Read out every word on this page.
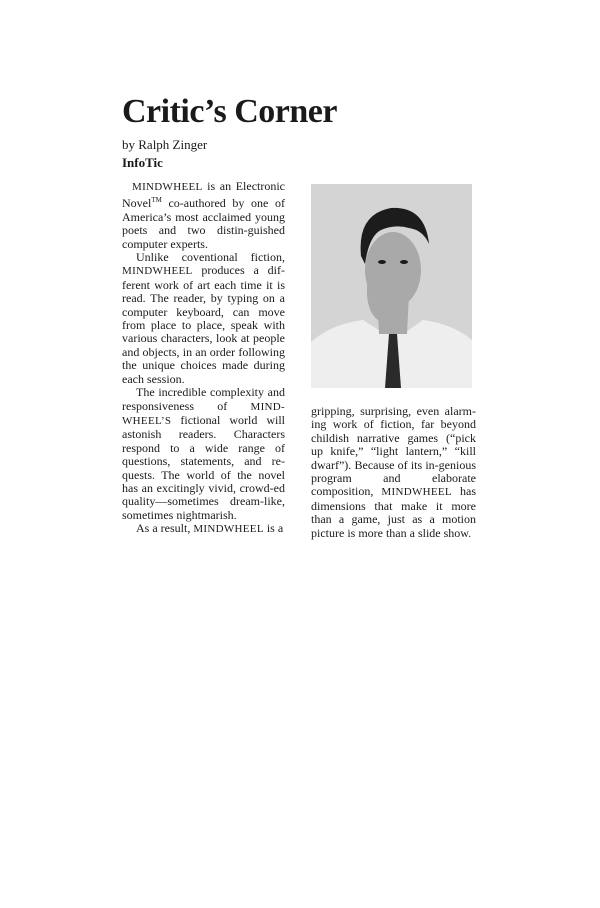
Critic’s Corner
by Ralph Zinger
InfoTic

MINDWHEEL is an Electronic Novel™ co-authored by one of America’s most acclaimed young poets and two distin-guished computer experts.

Unlike coventional fiction, MINDWHEEL produces a dif-ferent work of art each time it is read. The reader, by typing on a computer keyboard, can move from place to place, speak with various characters, look at people and objects, in an order following the unique choices made during each session.

The incredible complexity and responsiveness of MIND-WHEEL’S fictional world will astonish readers. Characters respond to a wide range of questions, statements, and re-quests. The world of the novel has an excitingly vivid, crowd-ed quality—sometimes dream-like, sometimes nightmarish.

As a result, MINDWHEEL is a

gripping, surprising, even alarm-ing work of fiction, far beyond childish narrative games (“pick up knife,” “light lantern,” “kill dwarf”). Because of its in-genious program and elaborate composition, MINDWHEEL has dimensions that make it more than a game, just as a motion picture is more than a slide show.
